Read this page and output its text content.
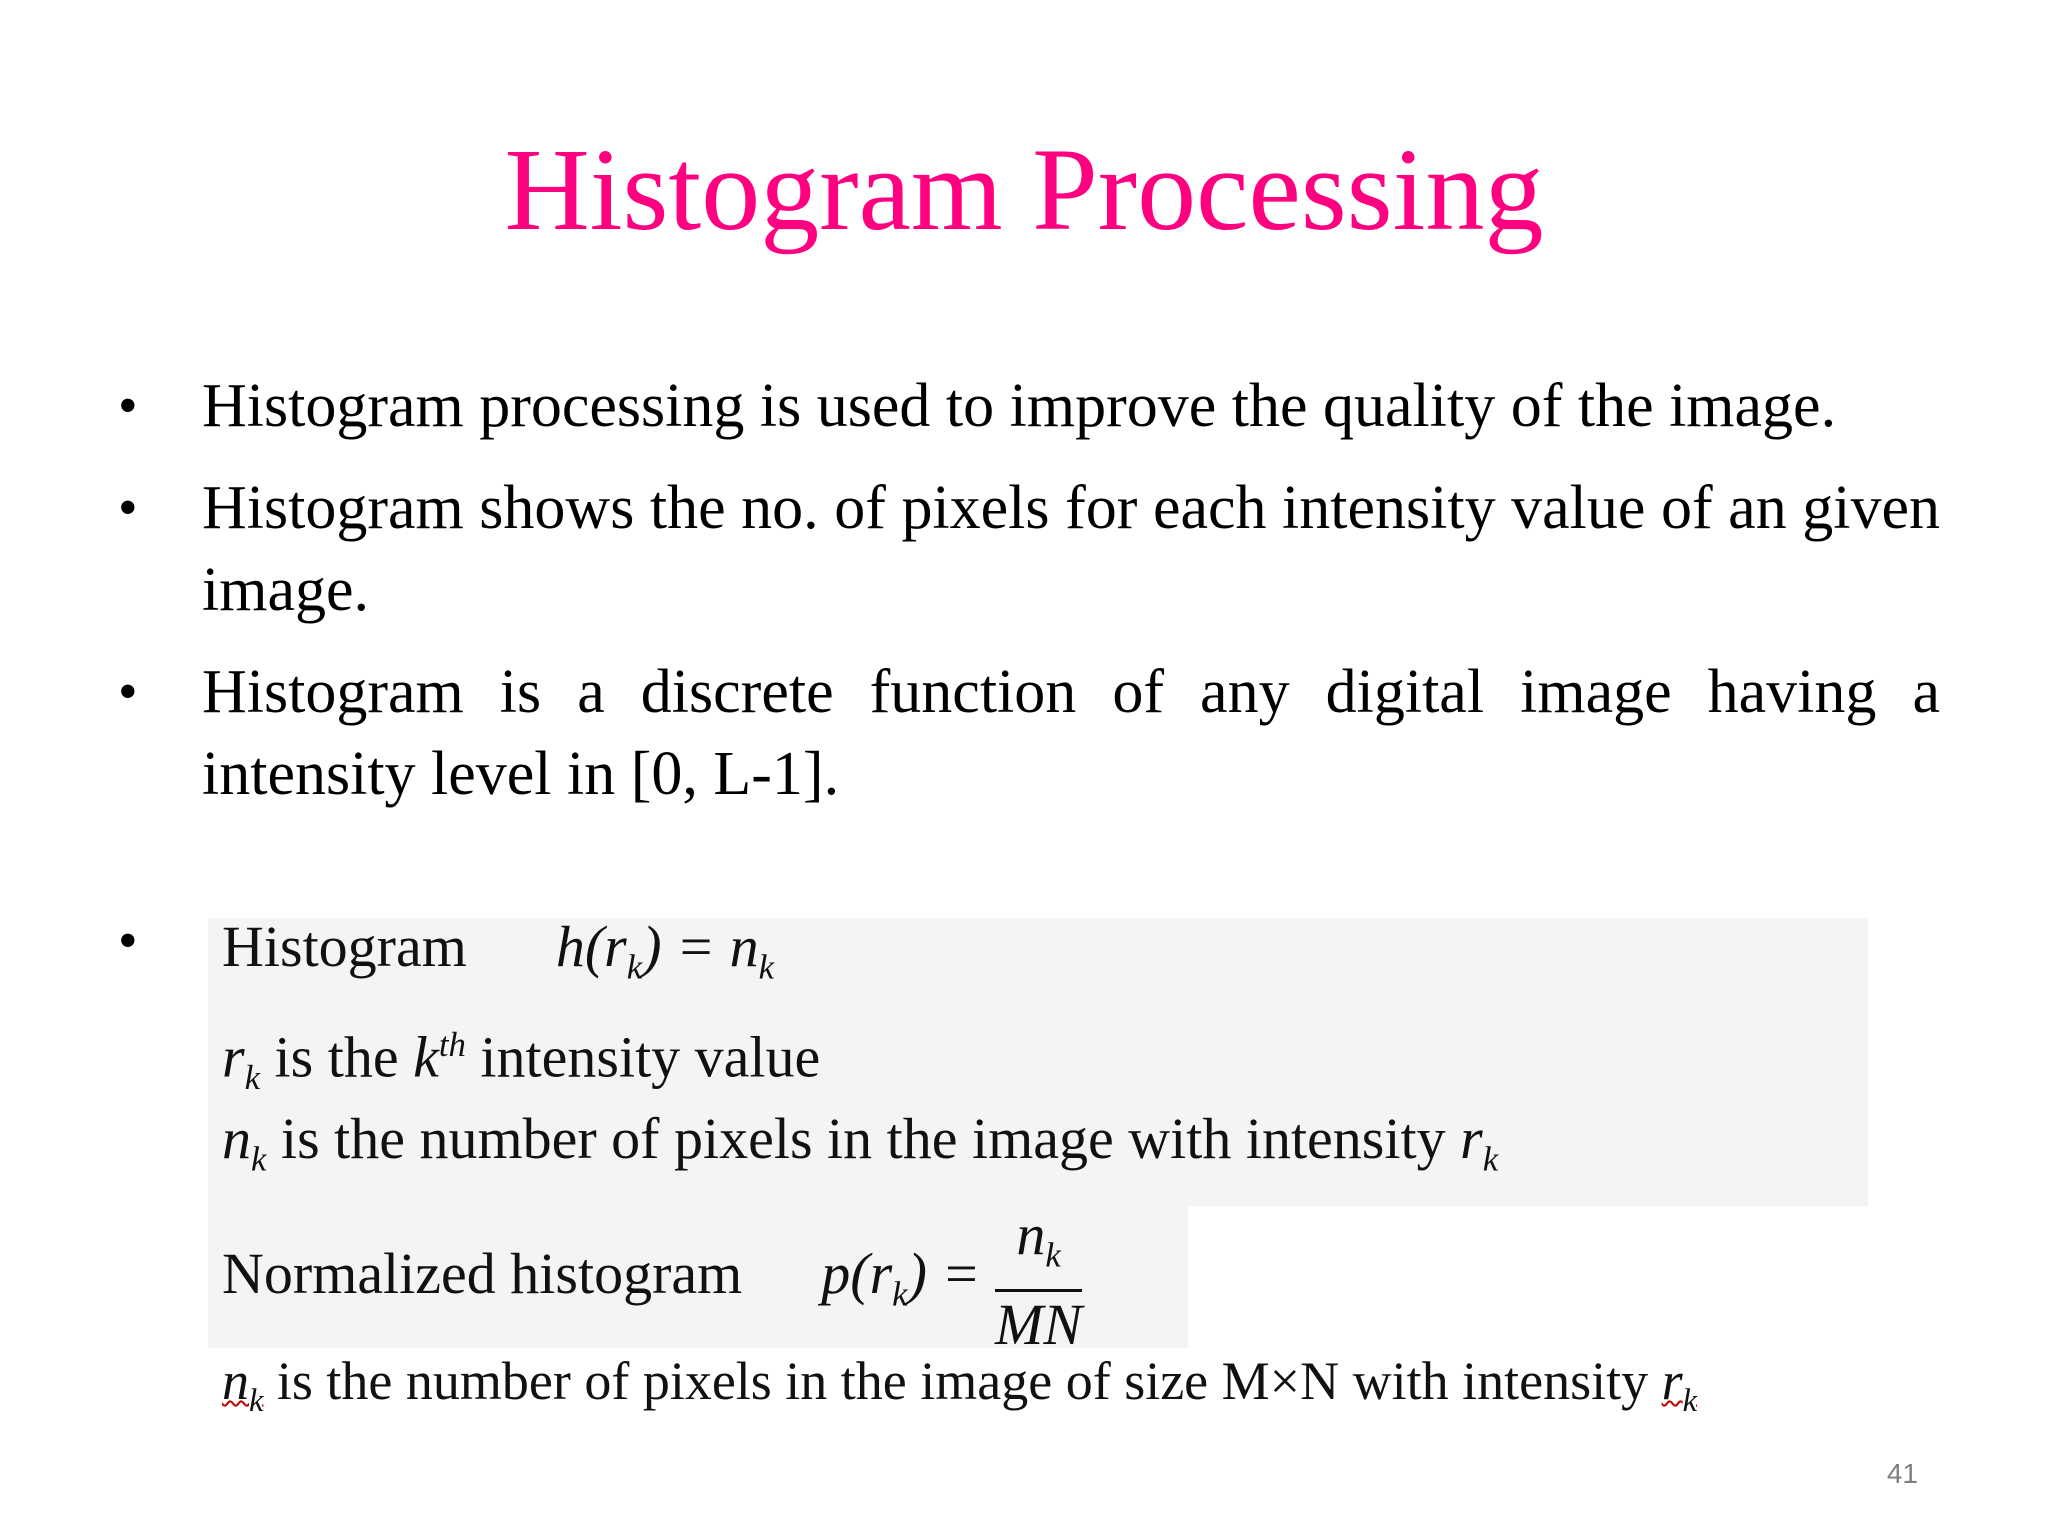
Histogram Processing
• Histogram processing is used to improve the quality of the image.
• Histogram shows the no. of pixels for each intensity value of an given image.
• Histogram is a discrete function of any digital image having a intensity level in [0, L-1].
• Histogram $h(r_k) = n_k$
$r_k$ is the $k^{th}$ intensity value
$n_k$ is the number of pixels in the image with intensity $r_k$
Normalized histogram $p(r_k) = \frac{n_k}{MN}$
$n_k$ is the number of pixels in the image of size M×N with intensity $r_k$
41
